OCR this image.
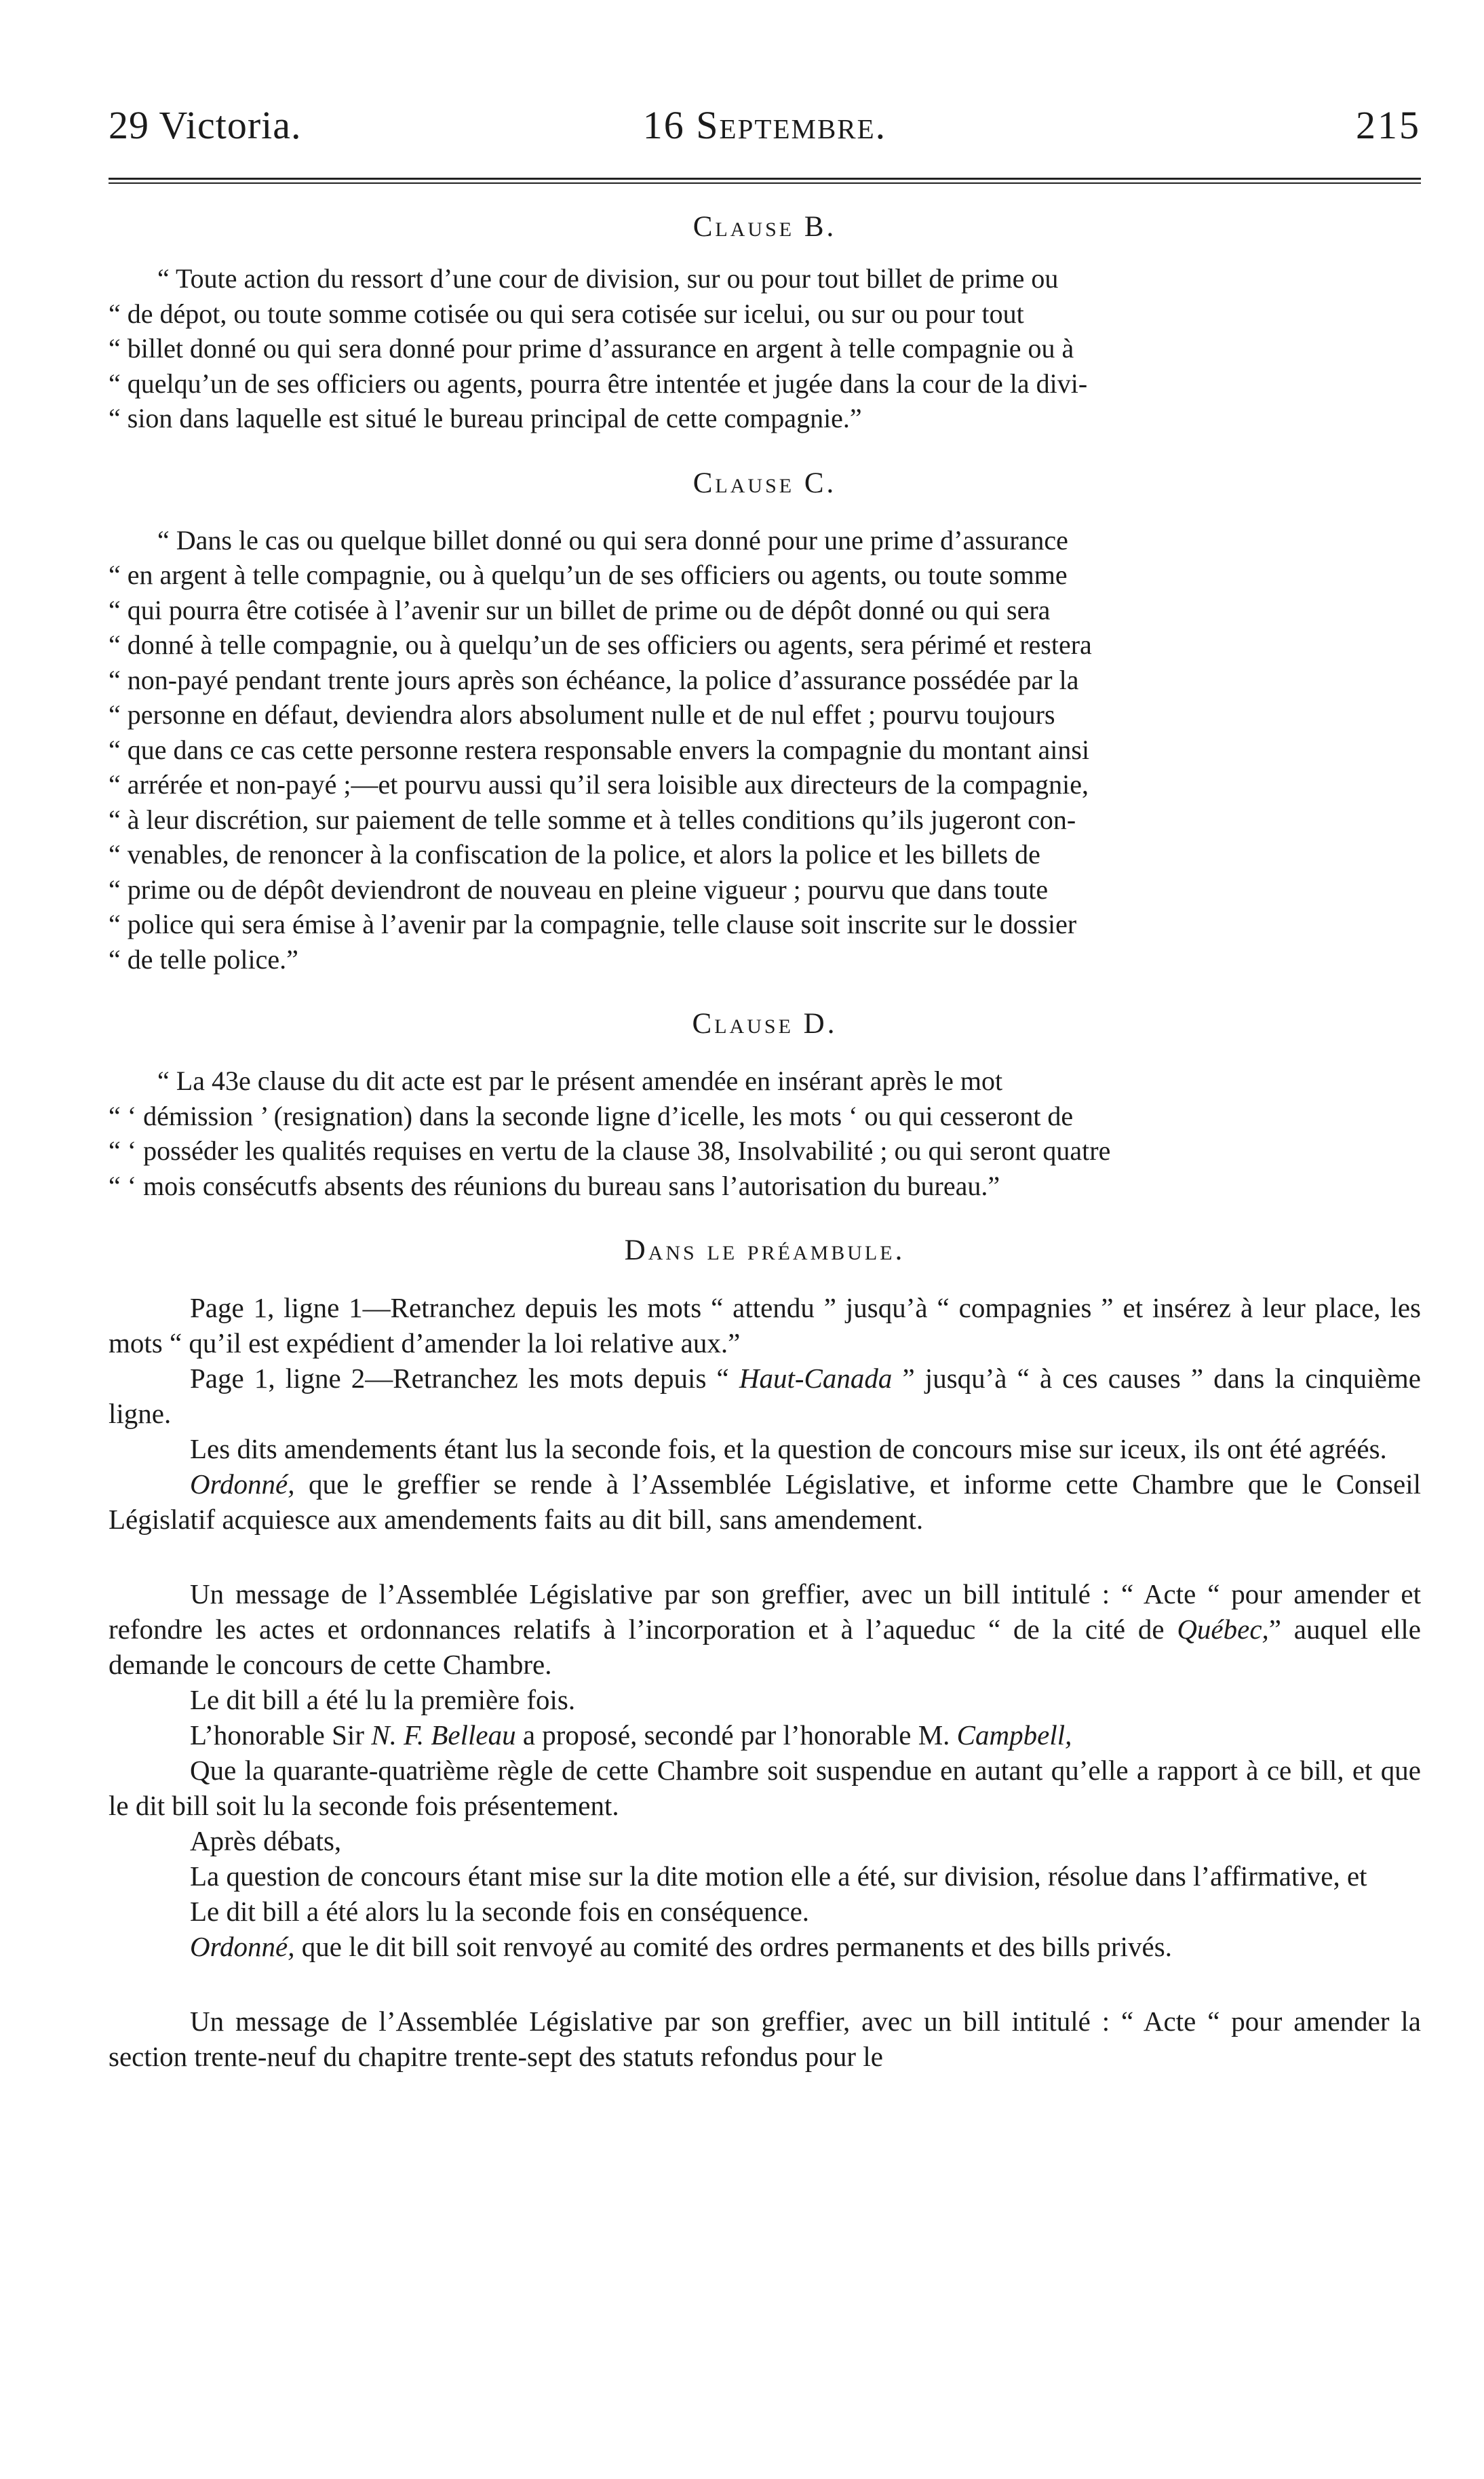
29 Victoria.	16 Septembre.	215
Clause B.
“ Toute action du ressort d’une cour de division, sur ou pour tout billet de prime ou
“ de dépot, ou toute somme cotisée ou qui sera cotisée sur icelui, ou sur ou pour tout
“ billet donné ou qui sera donné pour prime d’assurance en argent à telle compagnie ou à
“ quelqu’un de ses officiers ou agents, pourra être intentée et jugée dans la cour de la divi-
“ sion dans laquelle est situé le bureau principal de cette compagnie.”
Clause C.
“ Dans le cas ou quelque billet donné ou qui sera donné pour une prime d’assurance
“ en argent à telle compagnie, ou à quelqu’un de ses officiers ou agents, ou toute somme
“ qui pourra être cotisée à l’avenir sur un billet de prime ou de dépôt donné ou qui sera
“ donné à telle compagnie, ou à quelqu’un de ses officiers ou agents, sera périmé et restera
“ non-payé pendant trente jours après son échéance, la police d’assurance possédée par la
“ personne en défaut, deviendra alors absolument nulle et de nul effet ; pourvu toujours
“ que dans ce cas cette personne restera responsable envers la compagnie du montant ainsi
“ arrérée et non-payé ;—et pourvu aussi qu’il sera loisible aux directeurs de la compagnie,
“ à leur discrétion, sur paiement de telle somme et à telles conditions qu’ils jugeront con-
“ venables, de renoncer à la confiscation de la police, et alors la police et les billets de
“ prime ou de dépôt deviendront de nouveau en pleine vigueur ; pourvu que dans toute
“ police qui sera émise à l’avenir par la compagnie, telle clause soit inscrite sur le dossier
“ de telle police.”
Clause D.
“ La 43e clause du dit acte est par le présent amendée en insérant après le mot
“ ‘ démission ’ (resignation) dans la seconde ligne d’icelle, les mots ‘ ou qui cesseront de
“ ‘ posséder les qualités requises en vertu de la clause 38, Insolvabilité ; ou qui seront quatre
“ ‘ mois consécutfs absents des réunions du bureau sans l’autorisation du bureau.”
Dans le préambule.

Page 1, ligne 1—Retranchez depuis les mots “ attendu ” jusqu’à “ compagnies ” et insérez à leur place, les mots “ qu’il est expédient d’amender la loi relative aux.”

Page 1, ligne 2—Retranchez les mots depuis “ Haut-Canada ” jusqu’à “ à ces causes ” dans la cinquième ligne.

Les dits amendements étant lus la seconde fois, et la question de concours mise sur iceux, ils ont été agréés.

Ordonné, que le greffier se rende à l’Assemblée Législative, et informe cette Chambre que le Conseil Législatif acquiesce aux amendements faits au dit bill, sans amendement.

Un message de l’Assemblée Législative par son greffier, avec un bill intitulé : “ Acte “ pour amender et refondre les actes et ordonnances relatifs à l’incorporation et à l’aqueduc “ de la cité de Québec,” auquel elle demande le concours de cette Chambre.

Le dit bill a été lu la première fois.

L’honorable Sir N. F. Belleau a proposé, secondé par l’honorable M. Campbell,

Que la quarante-quatrième règle de cette Chambre soit suspendue en autant qu’elle a rapport à ce bill, et que le dit bill soit lu la seconde fois présentement.

Après débats,

La question de concours étant mise sur la dite motion elle a été, sur division, résolue dans l’affirmative, et

Le dit bill a été alors lu la seconde fois en conséquence.

Ordonné, que le dit bill soit renvoyé au comité des ordres permanents et des bills privés.

Un message de l’Assemblée Législative par son greffier, avec un bill intitulé : “ Acte “ pour amender la section trente-neuf du chapitre trente-sept des statuts refondus pour le
